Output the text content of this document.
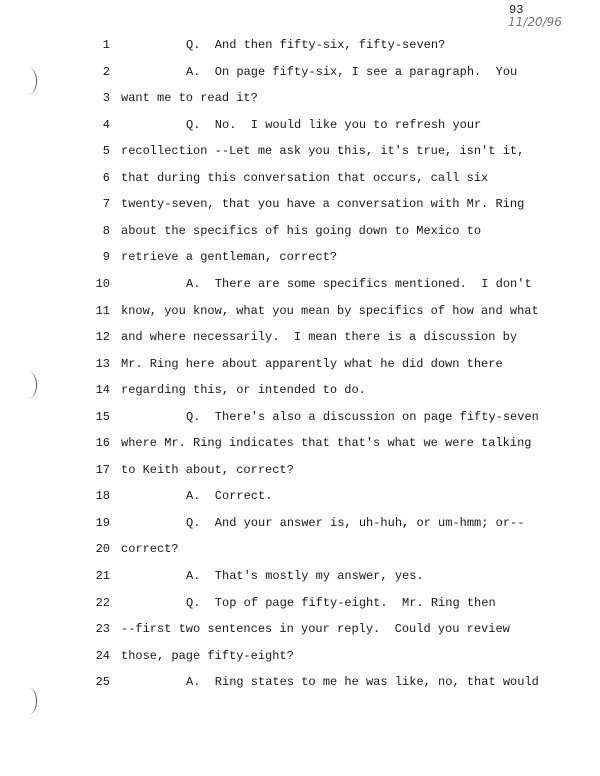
93
11/20/96
1	Q.  And then fifty-six, fifty-seven?
2	A.  On page fifty-six, I see a paragraph.  You
3 want me to read it?
4	Q.  No.  I would like you to refresh your
5 recollection --Let me ask you this, it's true, isn't it,
6 that during this conversation that occurs, call six
7 twenty-seven, that you have a conversation with Mr. Ring
8 about the specifics of his going down to Mexico to
9 retrieve a gentleman, correct?
10	A.  There are some specifics mentioned.  I don't
11 know, you know, what you mean by specifics of how and what
12 and where necessarily.  I mean there is a discussion by
13 Mr. Ring here about apparently what he did down there
14 regarding this, or intended to do.
15	Q.  There's also a discussion on page fifty-seven
16 where Mr. Ring indicates that that's what we were talking
17 to Keith about, correct?
18	A.  Correct.
19	Q.  And your answer is, uh-huh, or um-hmm; or--
20 correct?
21	A.  That's mostly my answer, yes.
22	Q.  Top of page fifty-eight.  Mr. Ring then
23 --first two sentences in your reply.  Could you review
24 those, page fifty-eight?
25	A.  Ring states to me he was like, no, that would
